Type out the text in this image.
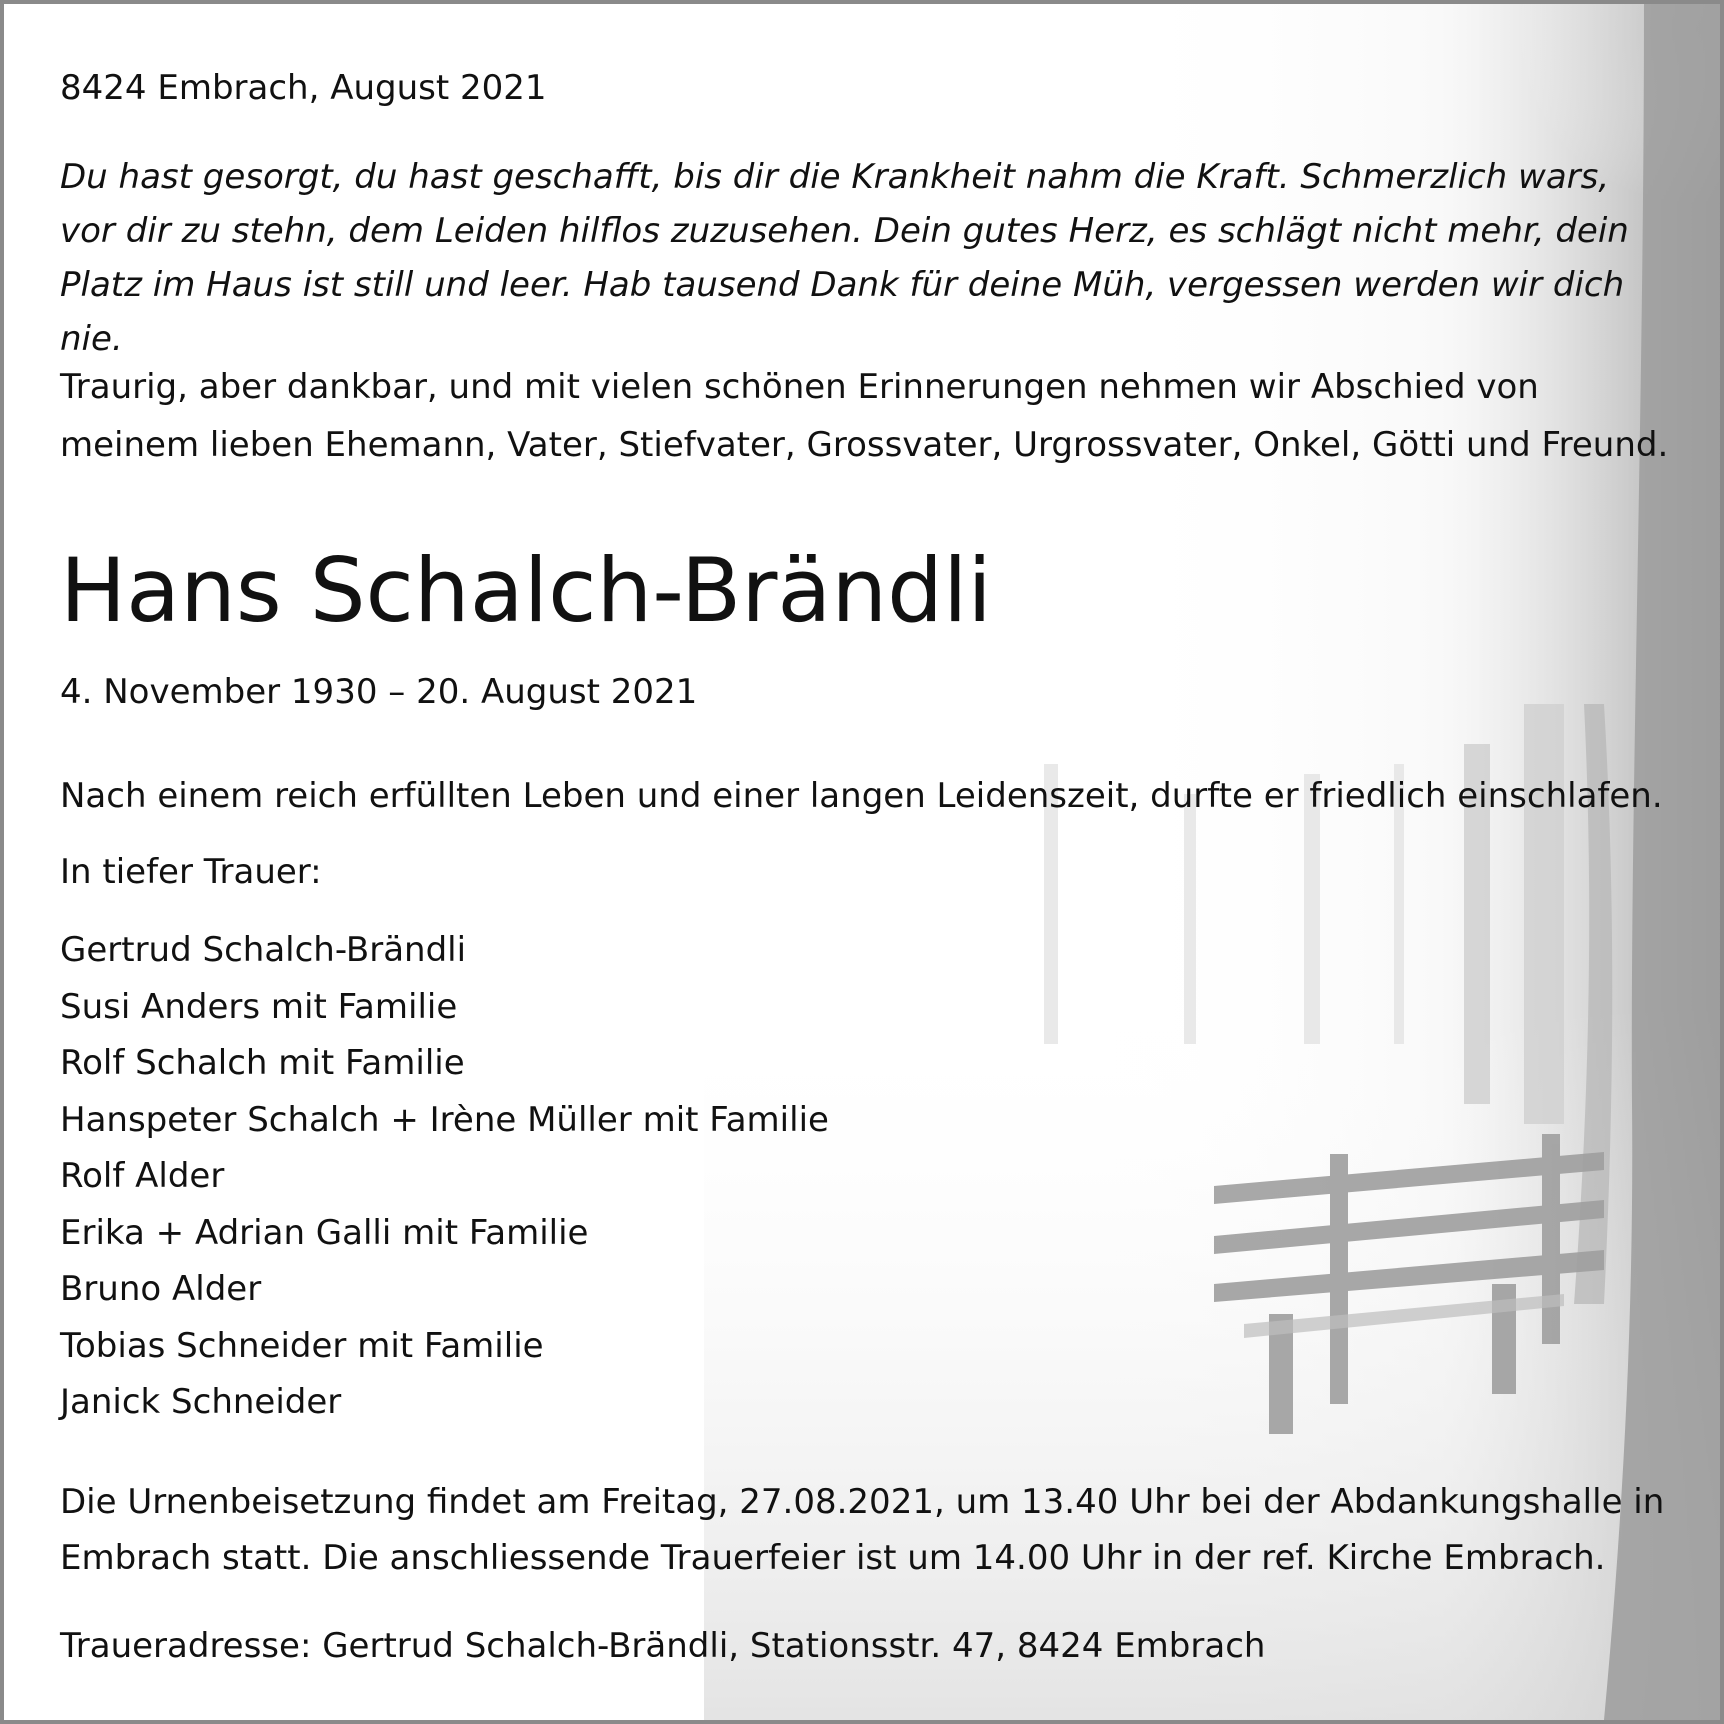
8424 Embrach, August 2021
Du hast gesorgt, du hast geschafft, bis dir die Krankheit nahm die Kraft. Schmerzlich wars, vor dir zu stehn, dem Leiden hilflos zuzusehen. Dein gutes Herz, es schlägt nicht mehr, dein Platz im Haus ist still und leer. Hab tausend Dank für deine Müh, vergessen werden wir dich nie.
Traurig, aber dankbar, und mit vielen schönen Erinnerungen nehmen wir Abschied von meinem lieben Ehemann, Vater, Stiefvater, Grossvater, Urgrossvater, Onkel, Götti und Freund.
Hans Schalch-Brändli
4. November 1930 – 20. August 2021
Nach einem reich erfüllten Leben und einer langen Leidenszeit, durfte er friedlich einschlafen.
In tiefer Trauer:
Gertrud Schalch-Brändli
Susi Anders mit Familie
Rolf Schalch mit Familie
Hanspeter Schalch + Irène Müller mit Familie
Rolf Alder
Erika + Adrian Galli mit Familie
Bruno Alder
Tobias Schneider mit Familie
Janick Schneider
Die Urnenbeisetzung findet am Freitag, 27.08.2021, um 13.40 Uhr bei der Abdankungshalle in Embrach statt. Die anschliessende Trauerfeier ist um 14.00 Uhr in der ref. Kirche Embrach.
Traueradresse: Gertrud Schalch-Brändli, Stationsstr. 47, 8424 Embrach
